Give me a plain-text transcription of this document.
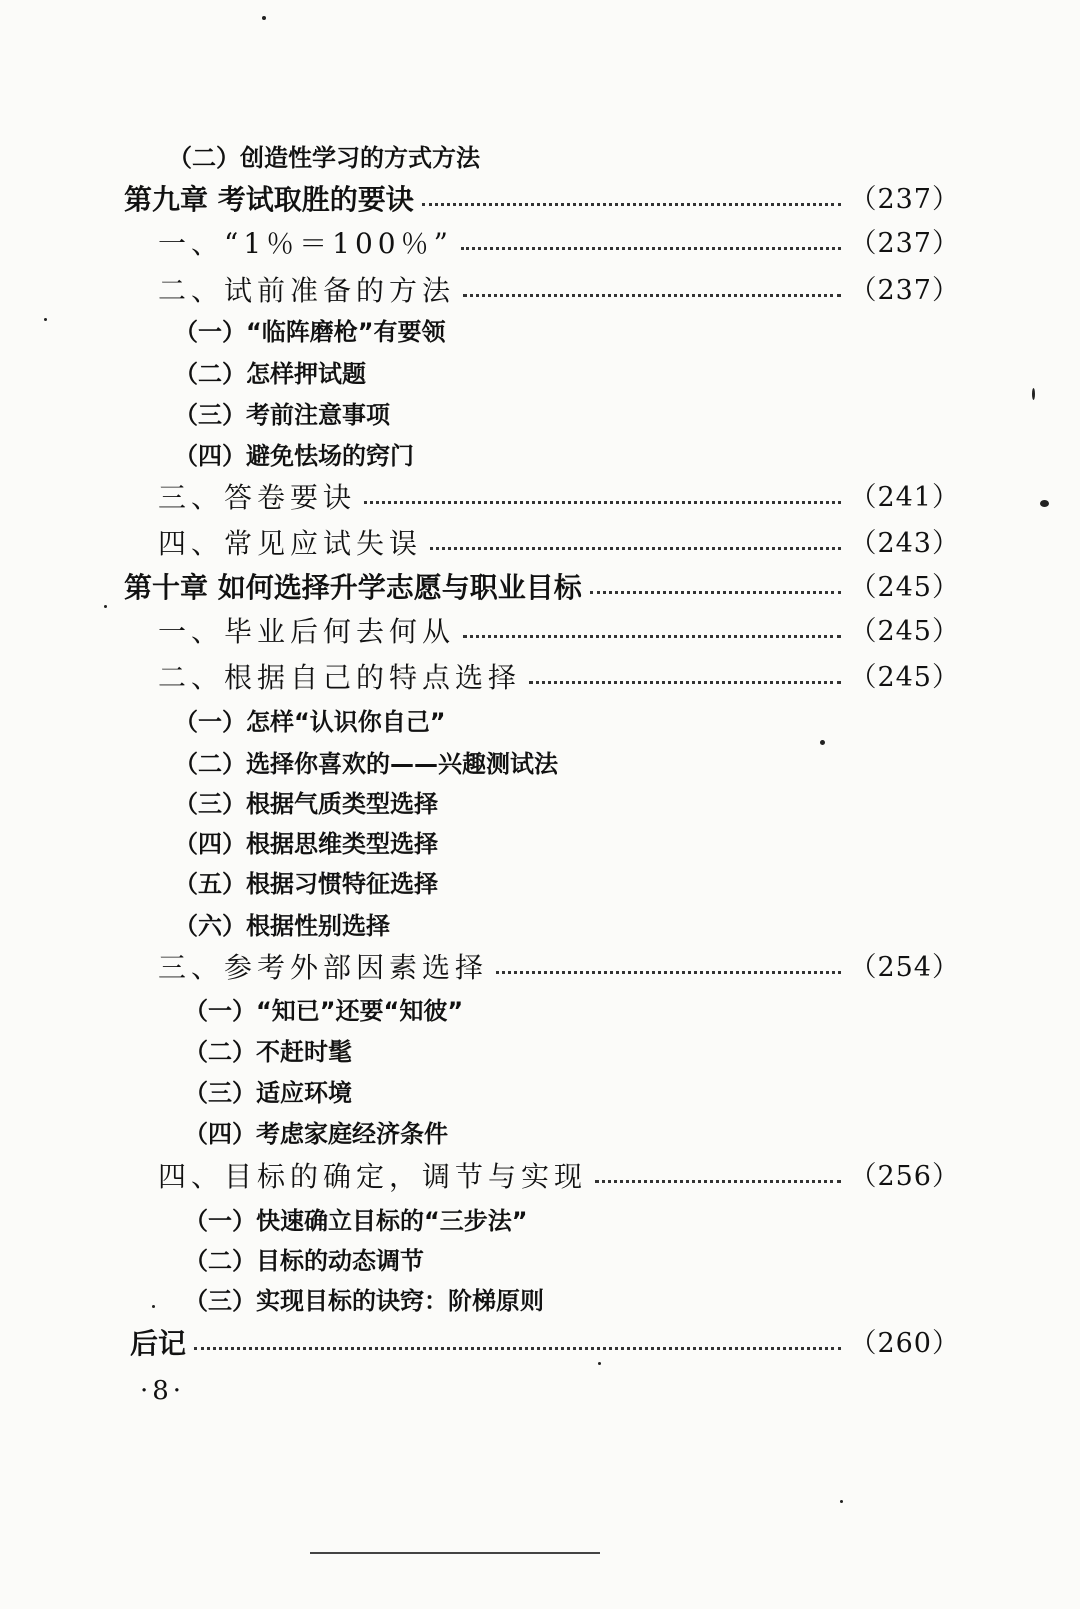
（二）创造性学习的方式方法
第九章 考试取胜的要诀	（237）
一、“1％＝100％”	（237）
二、试前准备的方法	（237）
（一）“临阵磨枪”有要领
（二）怎样押试题
（三）考前注意事项
（四）避免怯场的窍门
三、答卷要诀	（241）
四、常见应试失误	（243）
第十章 如何选择升学志愿与职业目标	（245）
一、毕业后何去何从	（245）
二、根据自己的特点选择	（245）
（一）怎样“认识你自己”
（二）选择你喜欢的——兴趣测试法
（三）根据气质类型选择
（四）根据思维类型选择
（五）根据习惯特征选择
（六）根据性别选择
三、参考外部因素选择	（254）
（一）“知已”还要“知彼”
（二）不赶时髦
（三）适应环境
（四）考虑家庭经济条件
四、目标的确定，调节与实现	（256）
（一）快速确立目标的“三步法”
（二）目标的动态调节
（三）实现目标的诀窍：阶梯原则
后记	（260）
·8·
